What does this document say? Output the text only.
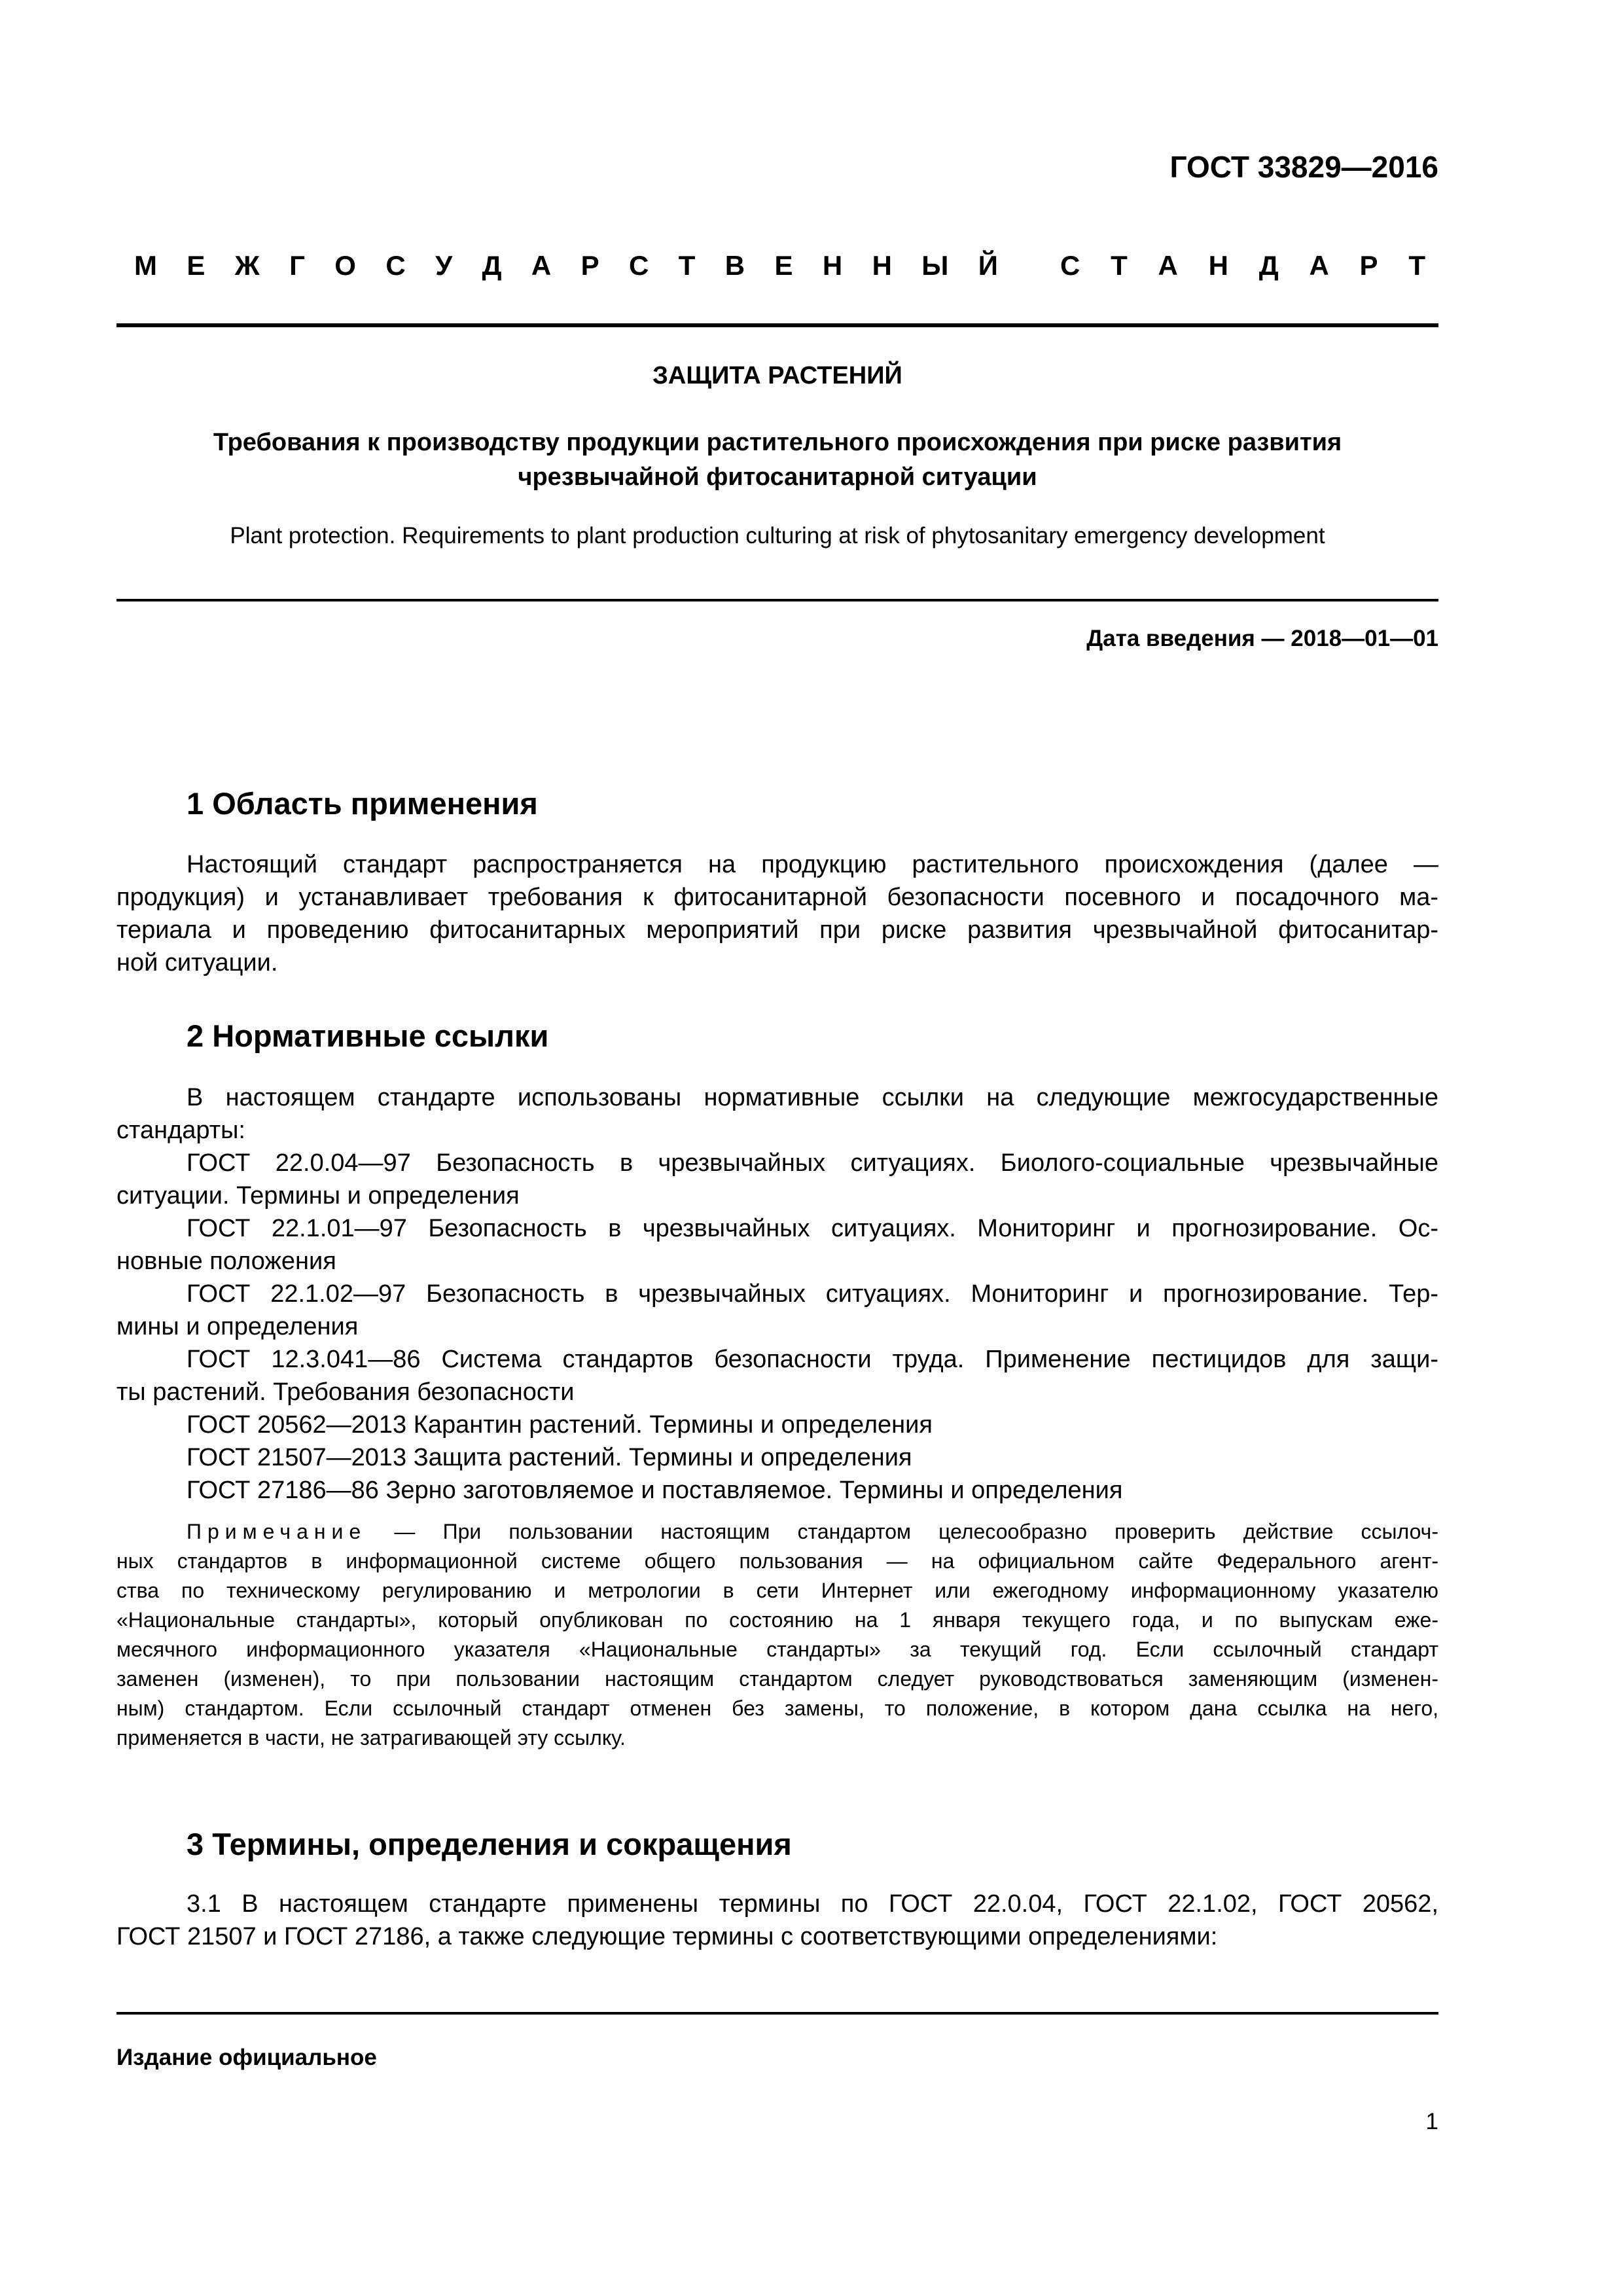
ГОСТ 33829—2016
М Е Ж Г О С У Д А Р С Т В Е Н Н Ы Й С Т А Н Д А Р Т
ЗАЩИТА РАСТЕНИЙ
Требования к производству продукции растительного происхождения при риске развития
чрезвычайной фитосанитарной ситуации
Plant protection. Requirements to plant production culturing at risk of phytosanitary emergency development
Дата введения — 2018—01—01
1 Область применения
Настоящий стандарт распространяется на продукцию растительного происхождения (далее —
продукция) и устанавливает требования к фитосанитарной безопасности посевного и посадочного ма-
териала и проведению фитосанитарных мероприятий при риске развития чрезвычайной фитосанитар-
ной ситуации.
2 Нормативные ссылки
В настоящем стандарте использованы нормативные ссылки на следующие межгосударственные
стандарты:
ГОСТ 22.0.04—97 Безопасность в чрезвычайных ситуациях. Биолого-социальные чрезвычайные
ситуации. Термины и определения
ГОСТ 22.1.01—97 Безопасность в чрезвычайных ситуациях. Мониторинг и прогнозирование. Ос-
новные положения
ГОСТ 22.1.02—97 Безопасность в чрезвычайных ситуациях. Мониторинг и прогнозирование. Тер-
мины и определения
ГОСТ 12.3.041—86 Система стандартов безопасности труда. Применение пестицидов для защи-
ты растений. Требования безопасности
ГОСТ 20562—2013 Карантин растений. Термины и определения
ГОСТ 21507—2013 Защита растений. Термины и определения
ГОСТ 27186—86 Зерно заготовляемое и поставляемое. Термины и определения
Примечание — При пользовании настоящим стандартом целесообразно проверить действие ссылоч-
ных стандартов в информационной системе общего пользования — на официальном сайте Федерального агент-
ства по техническому регулированию и метрологии в сети Интернет или ежегодному информационному указателю
«Национальные стандарты», который опубликован по состоянию на 1 января текущего года, и по выпускам еже-
месячного информационного указателя «Национальные стандарты» за текущий год. Если ссылочный стандарт
заменен (изменен), то при пользовании настоящим стандартом следует руководствоваться заменяющим (изменен-
ным) стандартом. Если ссылочный стандарт отменен без замены, то положение, в котором дана ссылка на него,
применяется в части, не затрагивающей эту ссылку.
3 Термины, определения и сокращения
3.1 В настоящем стандарте применены термины по ГОСТ 22.0.04, ГОСТ 22.1.02, ГОСТ 20562,
ГОСТ 21507 и ГОСТ 27186, а также следующие термины с соответствующими определениями:
Издание официальное
1
